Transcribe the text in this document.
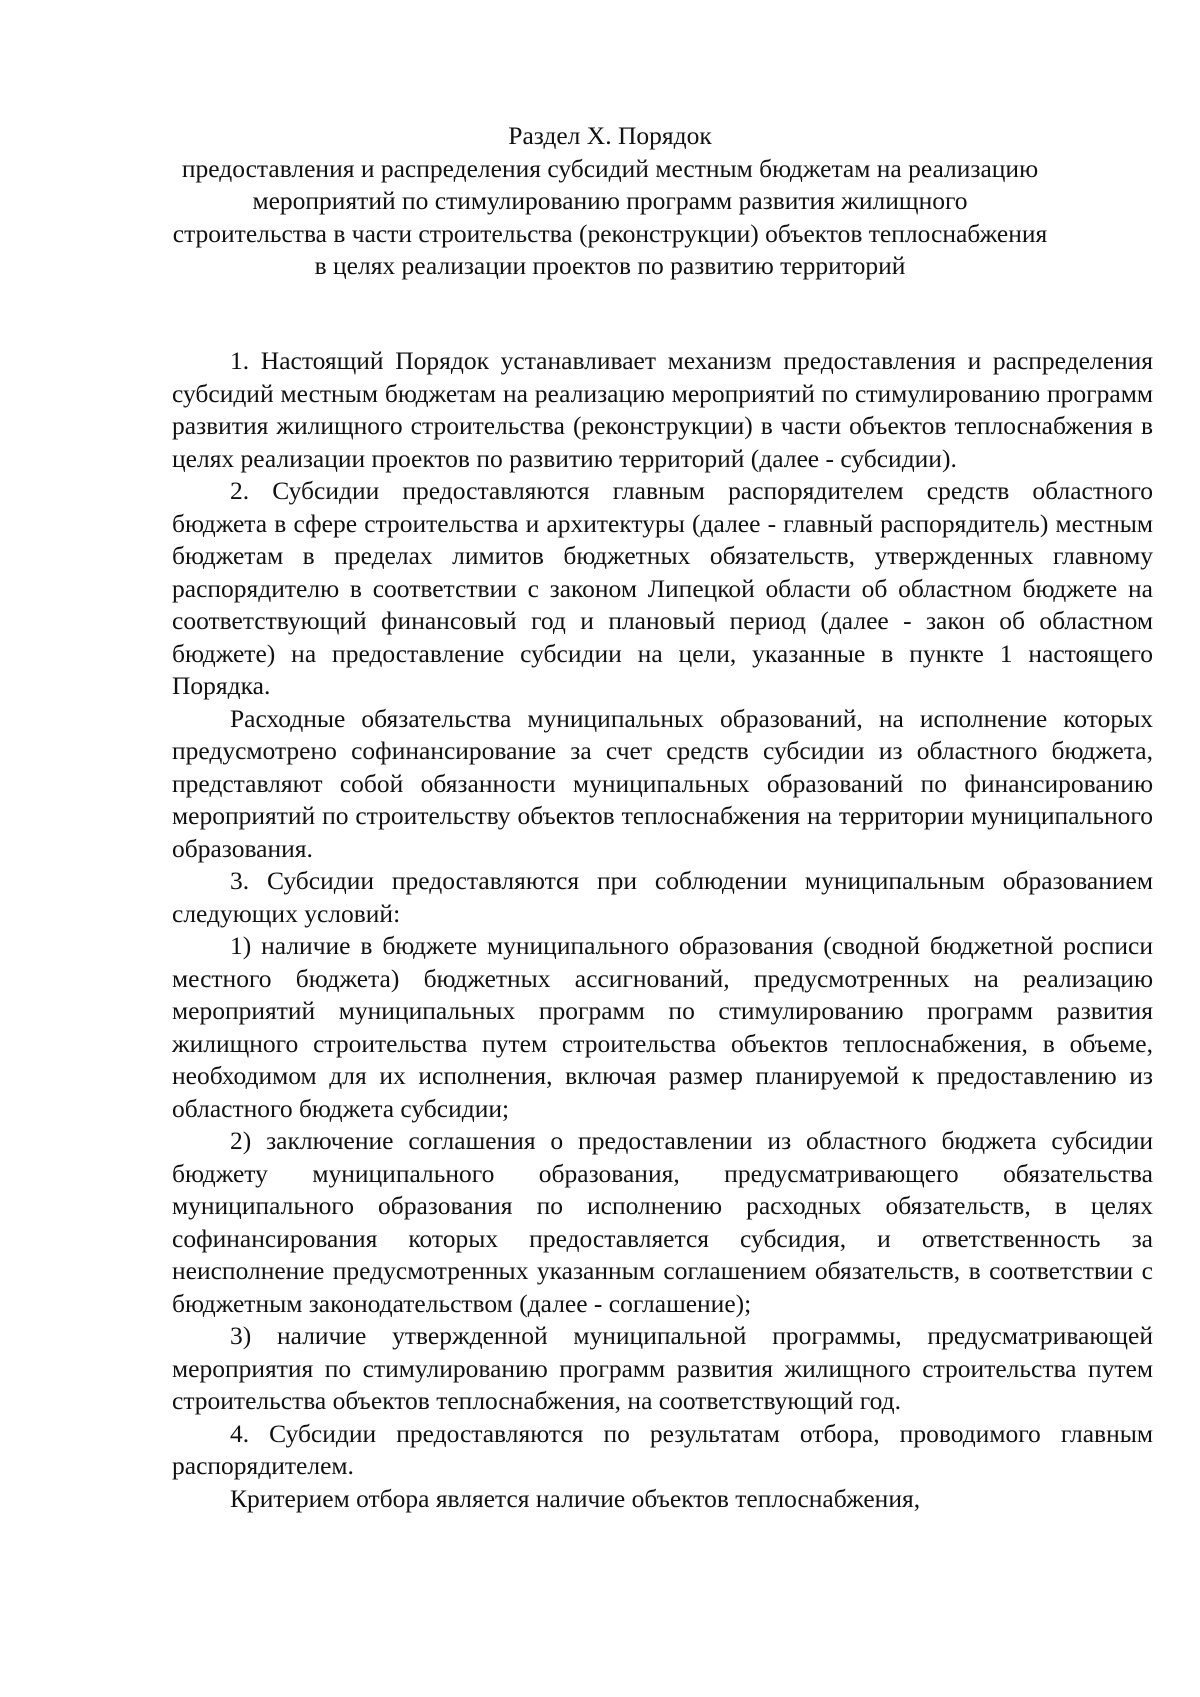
Раздел X. Порядок
предоставления и распределения субсидий местным бюджетам на реализацию
мероприятий по стимулированию программ развития жилищного
строительства в части строительства (реконструкции) объектов теплоснабжения
в целях реализации проектов по развитию территорий

1. Настоящий Порядок устанавливает механизм предоставления и распределения субсидий местным бюджетам на реализацию мероприятий по стимулированию программ развития жилищного строительства (реконструкции) в части объектов теплоснабжения в целях реализации проектов по развитию территорий (далее - субсидии).

2. Субсидии предоставляются главным распорядителем средств областного бюджета в сфере строительства и архитектуры (далее - главный распорядитель) местным бюджетам в пределах лимитов бюджетных обязательств, утвержденных главному распорядителю в соответствии с законом Липецкой области об областном бюджете на соответствующий финансовый год и плановый период (далее - закон об областном бюджете) на предоставление субсидии на цели, указанные в пункте 1 настоящего Порядка.

Расходные обязательства муниципальных образований, на исполнение которых предусмотрено софинансирование за счет средств субсидии из областного бюджета, представляют собой обязанности муниципальных образований по финансированию мероприятий по строительству объектов теплоснабжения на территории муниципального образования.

3. Субсидии предоставляются при соблюдении муниципальным образованием следующих условий:

1) наличие в бюджете муниципального образования (сводной бюджетной росписи местного бюджета) бюджетных ассигнований, предусмотренных на реализацию мероприятий муниципальных программ по стимулированию программ развития жилищного строительства путем строительства объектов теплоснабжения, в объеме, необходимом для их исполнения, включая размер планируемой к предоставлению из областного бюджета субсидии;

2) заключение соглашения о предоставлении из областного бюджета субсидии бюджету муниципального образования, предусматривающего обязательства муниципального образования по исполнению расходных обязательств, в целях софинансирования которых предоставляется субсидия, и ответственность за неисполнение предусмотренных указанным соглашением обязательств, в соответствии с бюджетным законодательством (далее - соглашение);

3) наличие утвержденной муниципальной программы, предусматривающей мероприятия по стимулированию программ развития жилищного строительства путем строительства объектов теплоснабжения, на соответствующий год.

4. Субсидии предоставляются по результатам отбора, проводимого главным распорядителем.

Критерием отбора является наличие объектов теплоснабжения,
